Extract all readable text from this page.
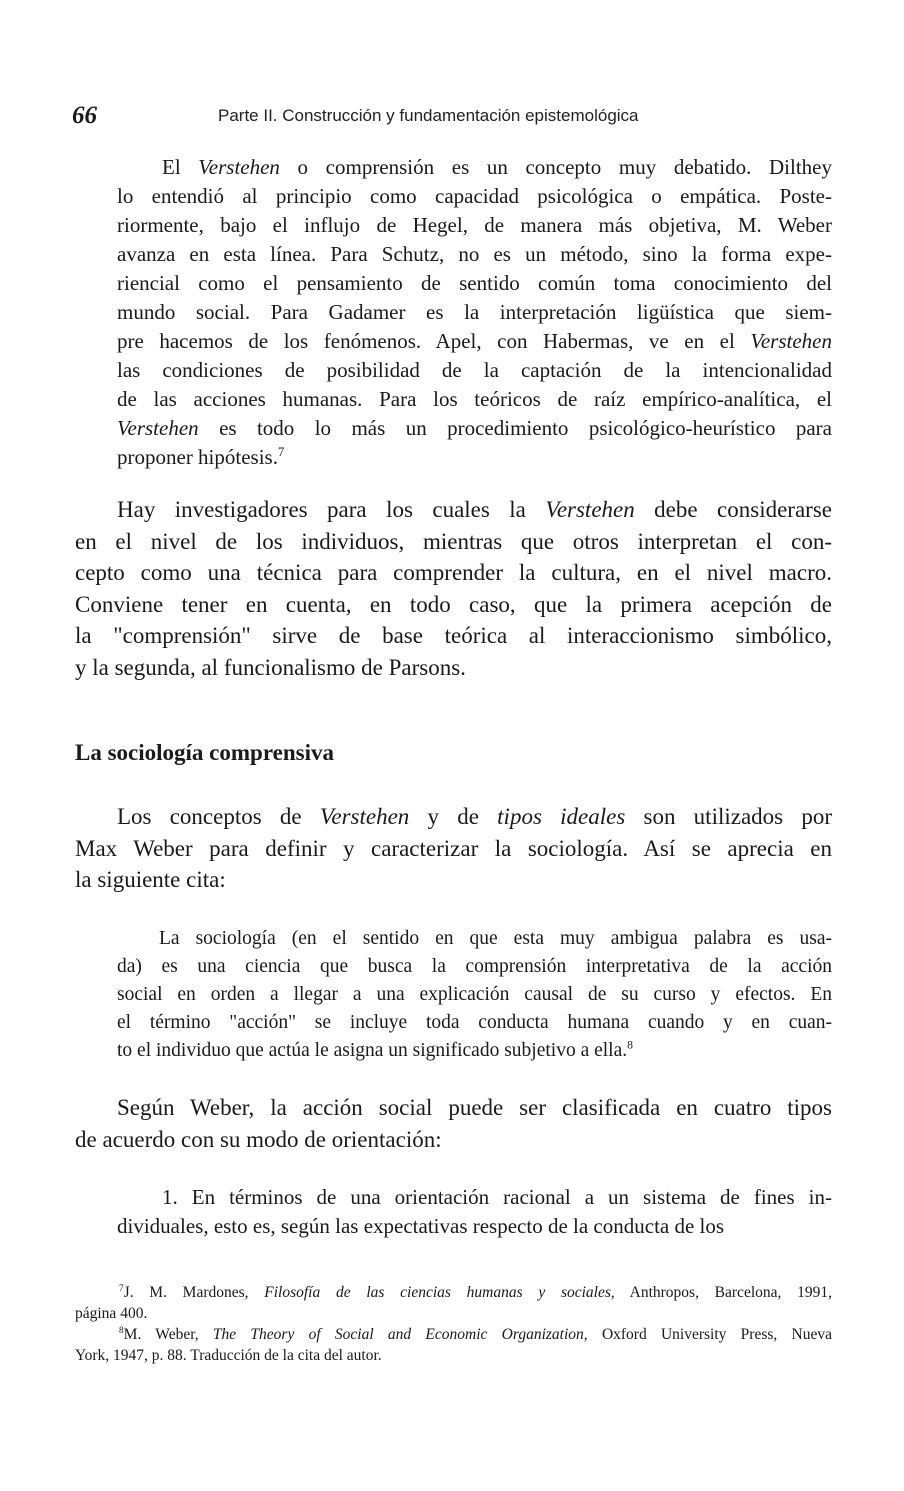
66	Parte II. Construcción y fundamentación epistemológica
El Verstehen o comprensión es un concepto muy debatido. Dilthey
lo entendió al principio como capacidad psicológica o empática. Poste-
riormente, bajo el influjo de Hegel, de manera más objetiva, M. Weber
avanza en esta línea. Para Schutz, no es un método, sino la forma expe-
riencial como el pensamiento de sentido común toma conocimiento del
mundo social. Para Gadamer es la interpretación ligüística que siem-
pre hacemos de los fenómenos. Apel, con Habermas, ve en el Verstehen
las condiciones de posibilidad de la captación de la intencionalidad
de las acciones humanas. Para los teóricos de raíz empírico-analítica, el
Verstehen es todo lo más un procedimiento psicológico-heurístico para
proponer hipótesis.$^7$
Hay investigadores para los cuales la Verstehen debe considerarse
en el nivel de los individuos, mientras que otros interpretan el con-
cepto como una técnica para comprender la cultura, en el nivel macro.
Conviene tener en cuenta, en todo caso, que la primera acepción de
la "comprensión" sirve de base teórica al interaccionismo simbólico,
y la segunda, al funcionalismo de Parsons.
La sociología comprensiva
Los conceptos de Verstehen y de tipos ideales son utilizados por
Max Weber para definir y caracterizar la sociología. Así se aprecia en
la siguiente cita:
La sociología (en el sentido en que esta muy ambigua palabra es usa-
da) es una ciencia que busca la comprensión interpretativa de la acción
social en orden a llegar a una explicación causal de su curso y efectos. En
el término "acción" se incluye toda conducta humana cuando y en cuan-
to el individuo que actúa le asigna un significado subjetivo a ella.$^8$
Según Weber, la acción social puede ser clasificada en cuatro tipos
de acuerdo con su modo de orientación:
1. En términos de una orientación racional a un sistema de fines in-
dividuales, esto es, según las expectativas respecto de la conducta de los
$^7$J. M. Mardones, Filosofía de las ciencias humanas y sociales, Anthropos, Barcelona, 1991,
página 400.
$^8$M. Weber, The Theory of Social and Economic Organization, Oxford University Press, Nueva
York, 1947, p. 88. Traducción de la cita del autor.
